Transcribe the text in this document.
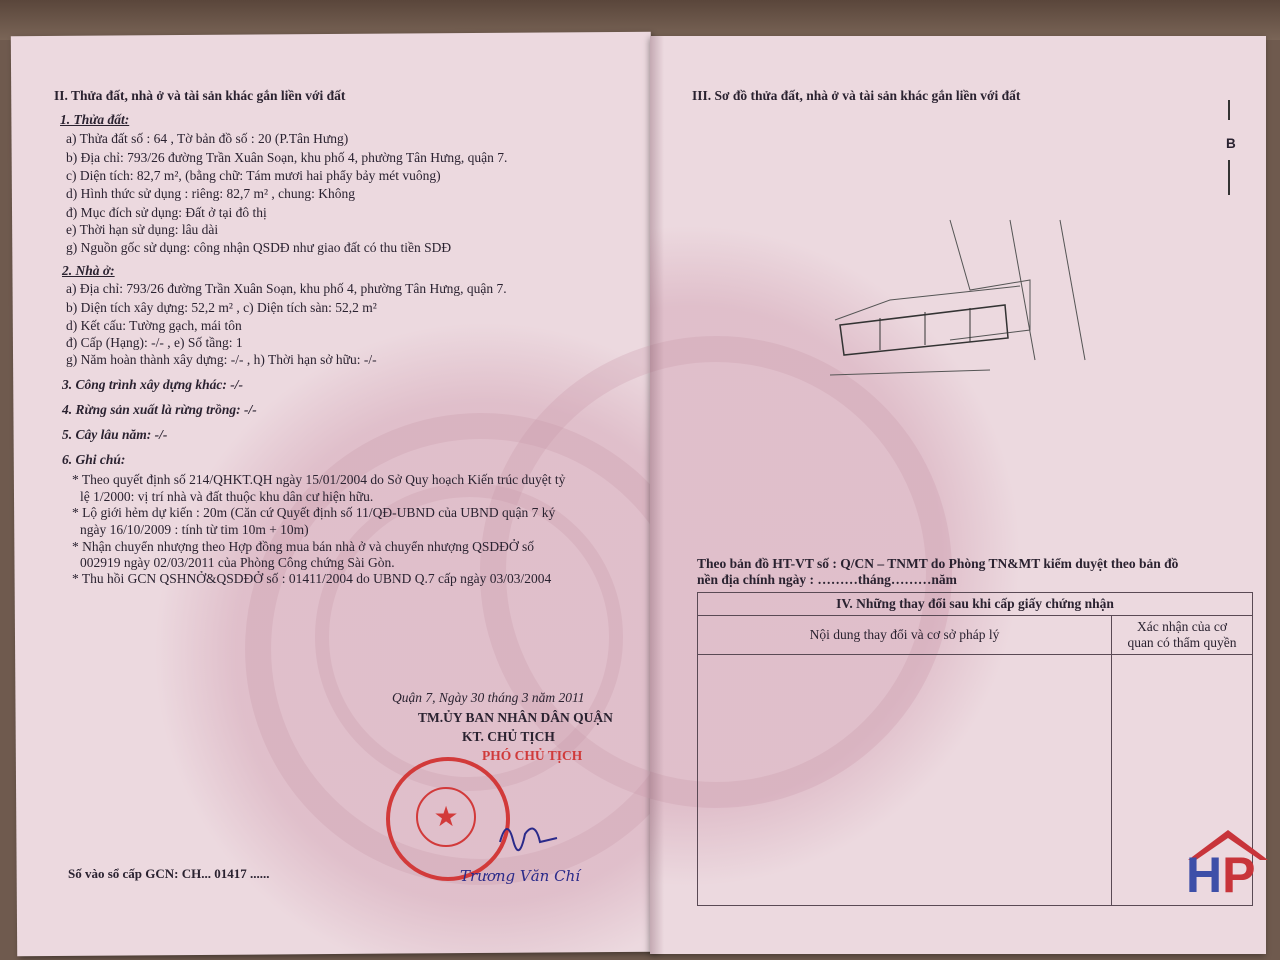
II. Thửa đất, nhà ở và tài sản khác gắn liền với đất
1. Thửa đất:
a) Thửa đất số : 64 , Tờ bản đồ số : 20 (P.Tân Hưng)
b) Địa chỉ: 793/26 đường Trần Xuân Soạn, khu phố 4, phường Tân Hưng, quận 7.
c) Diện tích: 82,7 m², (bằng chữ: Tám mươi hai phẩy bảy mét vuông)
d) Hình thức sử dụng : riêng: 82,7 m² , chung: Không
đ) Mục đích sử dụng: Đất ở tại đô thị
e) Thời hạn sử dụng: lâu dài
g) Nguồn gốc sử dụng: công nhận QSDĐ như giao đất có thu tiền SDĐ
2. Nhà ở:
a) Địa chỉ: 793/26 đường Trần Xuân Soạn, khu phố 4, phường Tân Hưng, quận 7.
b) Diện tích xây dựng: 52,2 m² , c) Diện tích sàn: 52,2 m²
d) Kết cấu: Tường gạch, mái tôn
đ) Cấp (Hạng): -/- , e) Số tầng: 1
g) Năm hoàn thành xây dựng: -/- , h) Thời hạn sở hữu: -/-
3. Công trình xây dựng khác: -/-
4. Rừng sản xuất là rừng trồng: -/-
5. Cây lâu năm: -/-
6. Ghi chú:
* Theo quyết định số 214/QHKT.QH ngày 15/01/2004 do Sở Quy hoạch Kiến trúc duyệt tỷ
lệ 1/2000: vị trí nhà và đất thuộc khu dân cư hiện hữu.
* Lộ giới hẻm dự kiến : 20m (Căn cứ Quyết định số 11/QĐ-UBND của UBND quận 7 ký
ngày 16/10/2009 : tính từ tim 10m + 10m)
* Nhận chuyển nhượng theo Hợp đồng mua bán nhà ở và chuyển nhượng QSDĐỞ số
002919 ngày 02/03/2011 của Phòng Công chứng Sài Gòn.
* Thu hồi GCN QSHNỞ&QSDĐỞ số : 01411/2004 do UBND Q.7 cấp ngày 03/03/2004
Quận 7, Ngày 30 tháng 3 năm 2011
TM.ỦY BAN NHÂN DÂN QUẬN
KT. CHỦ TỊCH
PHÓ CHỦ TỊCH
★
Trương Văn Chí
Số vào sổ cấp GCN: CH... 01417 ......
III. Sơ đồ thửa đất, nhà ở và tài sản khác gắn liền với đất
B
Theo bản đồ HT-VT số : Q/CN – TNMT do Phòng TN&MT kiểm duyệt theo bản đồ
nền địa chính ngày : ………tháng………năm
IV. Những thay đổi sau khi cấp giấy chứng nhận	
Nội dung thay đổi và cơ sở pháp lý	Xác nhận của cơ
quan có thẩm quyền

HP
